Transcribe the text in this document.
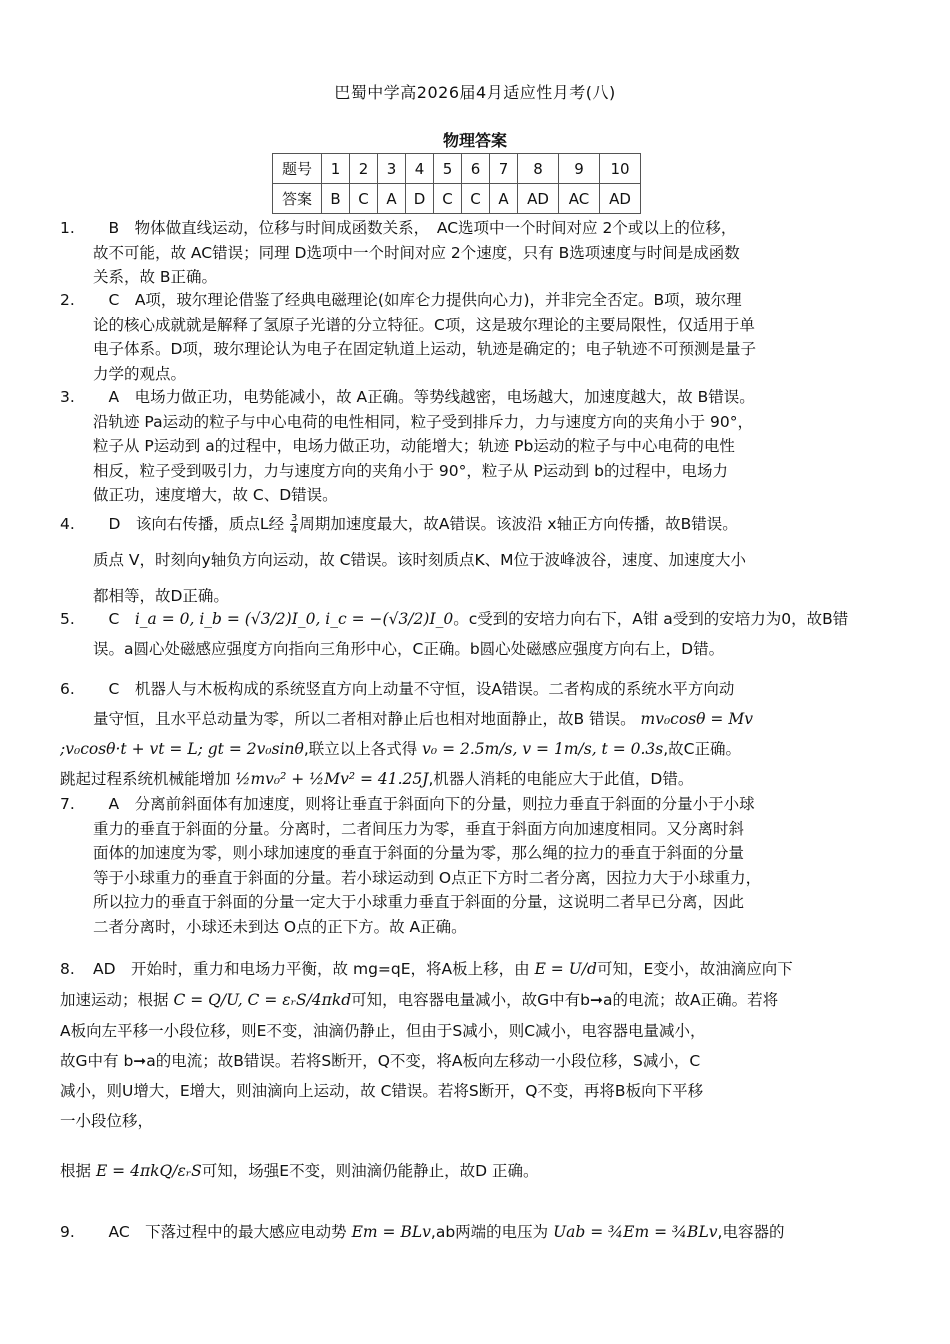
巴蜀中学高2026届4月适应性月考(八)
物理答案
题号	1	2	3	4	5	6	7	8	9	10
答案	B	C	A	D	C	C	A	AD	AC	AD
1.	　B　物体做直线运动，位移与时间成函数关系，　AC选项中一个时间对应 2个或以上的位移，
故不可能，故 AC错误；同理 D选项中一个时间对应 2个速度，只有 B选项速度与时间是成函数
关系，故 B正确。
2.	　C　A项，玻尔理论借鉴了经典电磁理论(如库仑力提供向心力)，并非完全否定。B项，玻尔理
论的核心成就就是解释了氢原子光谱的分立特征。C项，这是玻尔理论的主要局限性，仅适用于单
电子体系。D项，玻尔理论认为电子在固定轨道上运动，轨迹是确定的；电子轨迹不可预测是量子
力学的观点。
3.	　A　电场力做正功，电势能减小，故 A正确。等势线越密，电场越大，加速度越大，故 B错误。
沿轨迹 Pa运动的粒子与中心电荷的电性相同，粒子受到排斥力，力与速度方向的夹角小于 90°，
粒子从 P运动到 a的过程中，电场力做正功，动能增大；轨迹 Pb运动的粒子与中心电荷的电性
相反，粒子受到吸引力，力与速度方向的夹角小于 90°，粒子从 P运动到 b的过程中，电场力
做正功，速度增大，故 C、D错误。
4.	　D　该向右传播，质点L经 $\frac{3}{4}$ 周期加速度最大，故A错误。该波沿 x轴正方向传播，故B错误。
质点 V，时刻向y轴负方向运动，故 C错误。该时刻质点K、M位于波峰波谷，速度、加速度大小
都相等，故D正确。
5.	　C　i_a = 0, i_b = (√3/2)I_0, i_c = −(√3/2)I_0。c受到的安培力向右下，A钳 a受到的安培力为0，故B错
误。a圆心处磁感应强度方向指向三角形中心，C正确。b圆心处磁感应强度方向右上，D错。
6.	　C　机器人与木板构成的系统竖直方向上动量不守恒，设A错误。二者构成的系统水平方向动
量守恒，且水平总动量为零，所以二者相对静止后也相对地面静止，故B 错误。 mv₀cosθ = Mv
;v₀cosθ·t + vt = L; gt = 2v₀sinθ,联立以上各式得 v₀ = 2.5m/s, v = 1m/s, t = 0.3s,故C正确。
跳起过程系统机械能增加 ½mv₀² + ½Mv² = 41.25J,机器人消耗的电能应大于此值，D错。
7.	　A　分离前斜面体有加速度，则将让垂直于斜面向下的分量，则拉力垂直于斜面的分量小于小球
重力的垂直于斜面的分量。分离时，二者间压力为零，垂直于斜面方向加速度相同。又分离时斜
面体的加速度为零，则小球加速度的垂直于斜面的分量为零，那么绳的拉力的垂直于斜面的分量
等于小球重力的垂直于斜面的分量。若小球运动到 O点正下方时二者分离，因拉力大于小球重力，
所以拉力的垂直于斜面的分量一定大于小球重力垂直于斜面的分量，这说明二者早已分离，因此
二者分离时，小球还未到达 O点的正下方。故 A正确。
8.	AD　开始时，重力和电场力平衡，故 mg=qE，将A板上移，由 E = U/d可知，E变小，故油滴应向下
加速运动；根据 C = Q/U, C = εᵣS/4πkd可知，电容器电量减小，故G中有b➞a的电流；故A正确。若将
A板向左平移一小段位移，则E不变，油滴仍静止，但由于S减小，则C减小，电容器电量减小，
故G中有 b➞a的电流；故B错误。若将S断开，Q不变，将A板向左移动一小段位移，S减小，C
减小，则U增大，E增大，则油滴向上运动，故 C错误。若将S断开，Q不变，再将B板向下平移
一小段位移，
根据 E = 4πkQ/εᵣS可知，场强E不变，则油滴仍能静止，故D 正确。
9.	　AC　下落过程中的最大感应电动势 Em = BLv,ab两端的电压为 Uab = ¾Em = ¾BLv,电容器的
